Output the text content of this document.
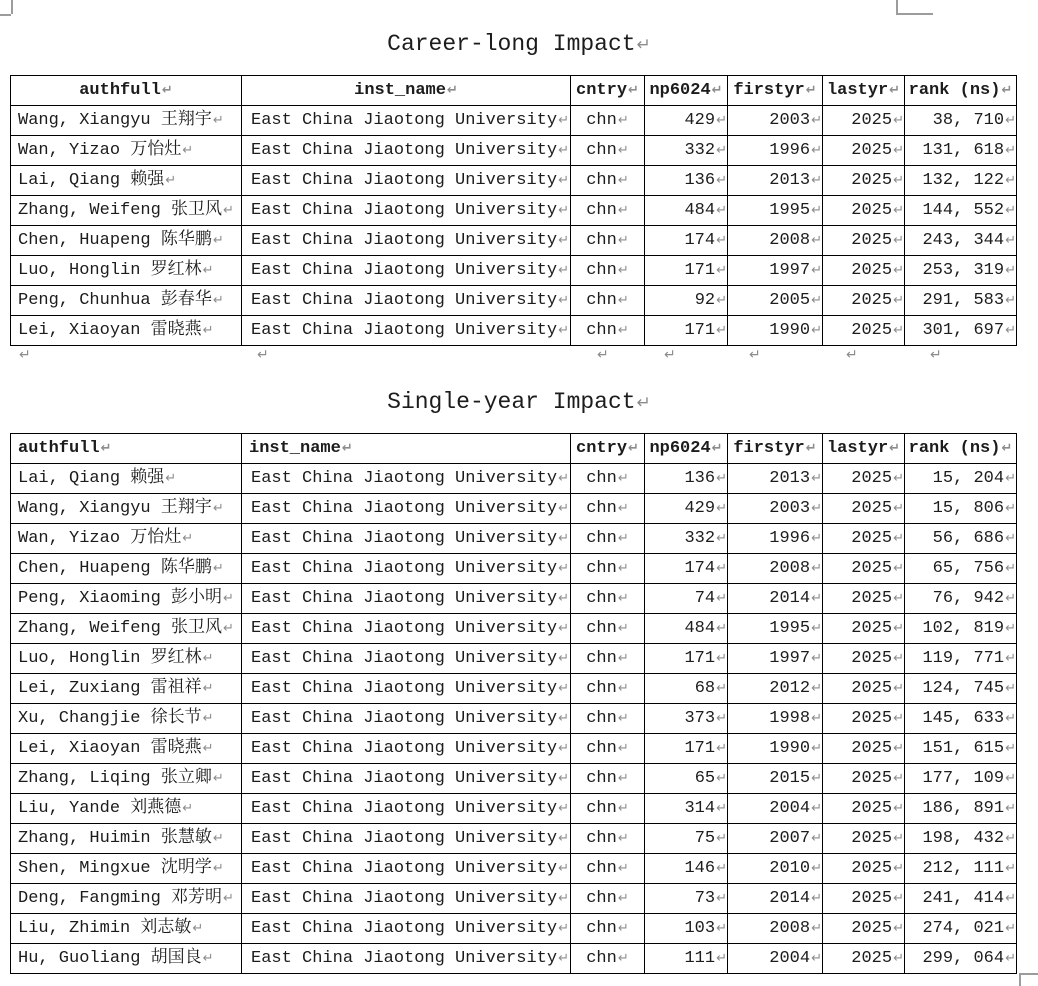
Career-long Impact↵
authfull↵	inst_name↵	cntry↵	np6024↵	firstyr↵	lastyr↵	rank (ns)↵
Wang, Xiangyu 王翔宇↵	East China Jiaotong University↵	chn↵	429↵	2003↵	2025↵	38, 710↵
Wan, Yizao 万怡灶↵	East China Jiaotong University↵	chn↵	332↵	1996↵	2025↵	131, 618↵
Lai, Qiang 赖强↵	East China Jiaotong University↵	chn↵	136↵	2013↵	2025↵	132, 122↵
Zhang, Weifeng 张卫风↵	East China Jiaotong University↵	chn↵	484↵	1995↵	2025↵	144, 552↵
Chen, Huapeng 陈华鹏↵	East China Jiaotong University↵	chn↵	174↵	2008↵	2025↵	243, 344↵
Luo, Honglin 罗红林↵	East China Jiaotong University↵	chn↵	171↵	1997↵	2025↵	253, 319↵
Peng, Chunhua 彭春华↵	East China Jiaotong University↵	chn↵	92↵	2005↵	2025↵	291, 583↵
Lei, Xiaoyan 雷晓燕↵	East China Jiaotong University↵	chn↵	171↵	1990↵	2025↵	301, 697↵
↵	↵	↵	↵	↵	↵	↵
Single-year Impact↵
authfull↵	inst_name↵	cntry↵	np6024↵	firstyr↵	lastyr↵	rank (ns)↵
Lai, Qiang 赖强↵	East China Jiaotong University↵	chn↵	136↵	2013↵	2025↵	15, 204↵
Wang, Xiangyu 王翔宇↵	East China Jiaotong University↵	chn↵	429↵	2003↵	2025↵	15, 806↵
Wan, Yizao 万怡灶↵	East China Jiaotong University↵	chn↵	332↵	1996↵	2025↵	56, 686↵
Chen, Huapeng 陈华鹏↵	East China Jiaotong University↵	chn↵	174↵	2008↵	2025↵	65, 756↵
Peng, Xiaoming 彭小明↵	East China Jiaotong University↵	chn↵	74↵	2014↵	2025↵	76, 942↵
Zhang, Weifeng 张卫风↵	East China Jiaotong University↵	chn↵	484↵	1995↵	2025↵	102, 819↵
Luo, Honglin 罗红林↵	East China Jiaotong University↵	chn↵	171↵	1997↵	2025↵	119, 771↵
Lei, Zuxiang 雷祖祥↵	East China Jiaotong University↵	chn↵	68↵	2012↵	2025↵	124, 745↵
Xu, Changjie 徐长节↵	East China Jiaotong University↵	chn↵	373↵	1998↵	2025↵	145, 633↵
Lei, Xiaoyan 雷晓燕↵	East China Jiaotong University↵	chn↵	171↵	1990↵	2025↵	151, 615↵
Zhang, Liqing 张立卿↵	East China Jiaotong University↵	chn↵	65↵	2015↵	2025↵	177, 109↵
Liu, Yande 刘燕德↵	East China Jiaotong University↵	chn↵	314↵	2004↵	2025↵	186, 891↵
Zhang, Huimin 张慧敏↵	East China Jiaotong University↵	chn↵	75↵	2007↵	2025↵	198, 432↵
Shen, Mingxue 沈明学↵	East China Jiaotong University↵	chn↵	146↵	2010↵	2025↵	212, 111↵
Deng, Fangming 邓芳明↵	East China Jiaotong University↵	chn↵	73↵	2014↵	2025↵	241, 414↵
Liu, Zhimin 刘志敏↵	East China Jiaotong University↵	chn↵	103↵	2008↵	2025↵	274, 021↵
Hu, Guoliang 胡国良↵	East China Jiaotong University↵	chn↵	111↵	2004↵	2025↵	299, 064↵
